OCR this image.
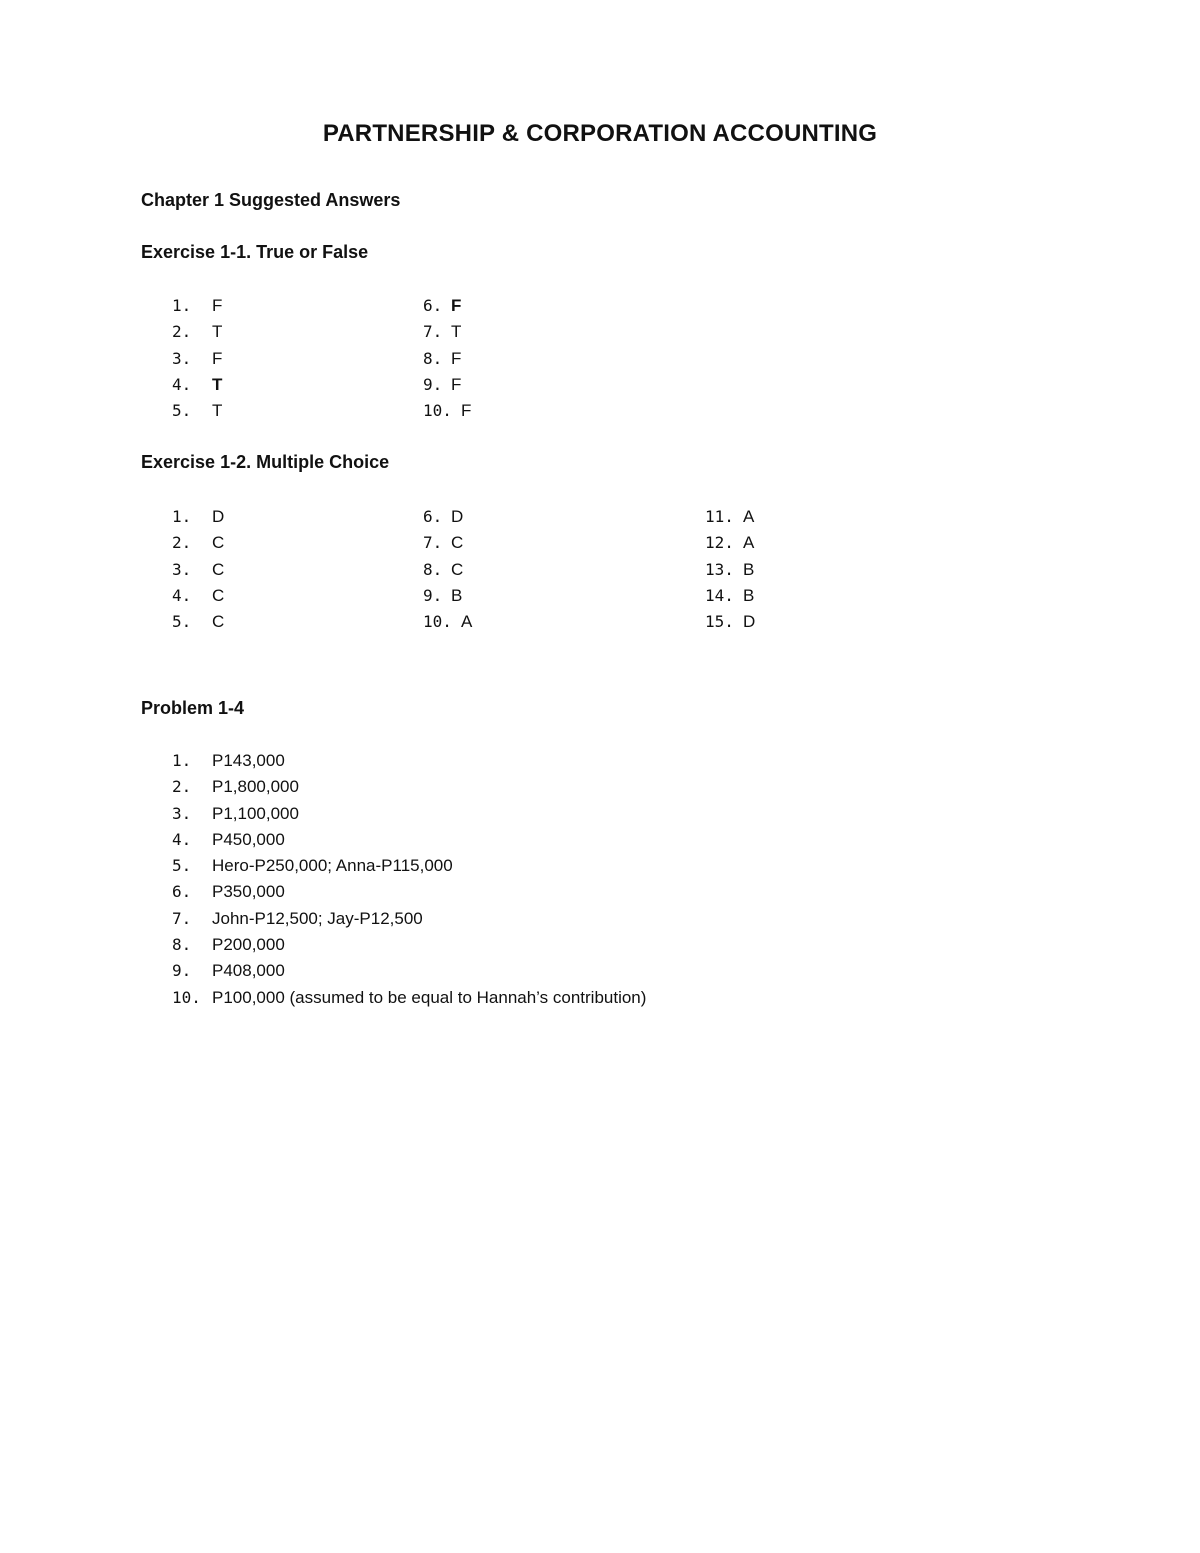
PARTNERSHIP & CORPORATION ACCOUNTING
Chapter 1 Suggested Answers
Exercise 1-1. True or False
1. F
2. T
3. F
4. T
5. T
6. F
7. T
8. F
9. F
10. F
Exercise 1-2. Multiple Choice
1. D
2. C
3. C
4. C
5. C
6. D
7. C
8. C
9. B
10. A
11. A
12. A
13. B
14. B
15. D
Problem 1-4
1. P143,000
2. P1,800,000
3. P1,100,000
4. P450,000
5. Hero-P250,000; Anna-P115,000
6. P350,000
7. John-P12,500; Jay-P12,500
8. P200,000
9. P408,000
10. P100,000 (assumed to be equal to Hannah’s contribution)
